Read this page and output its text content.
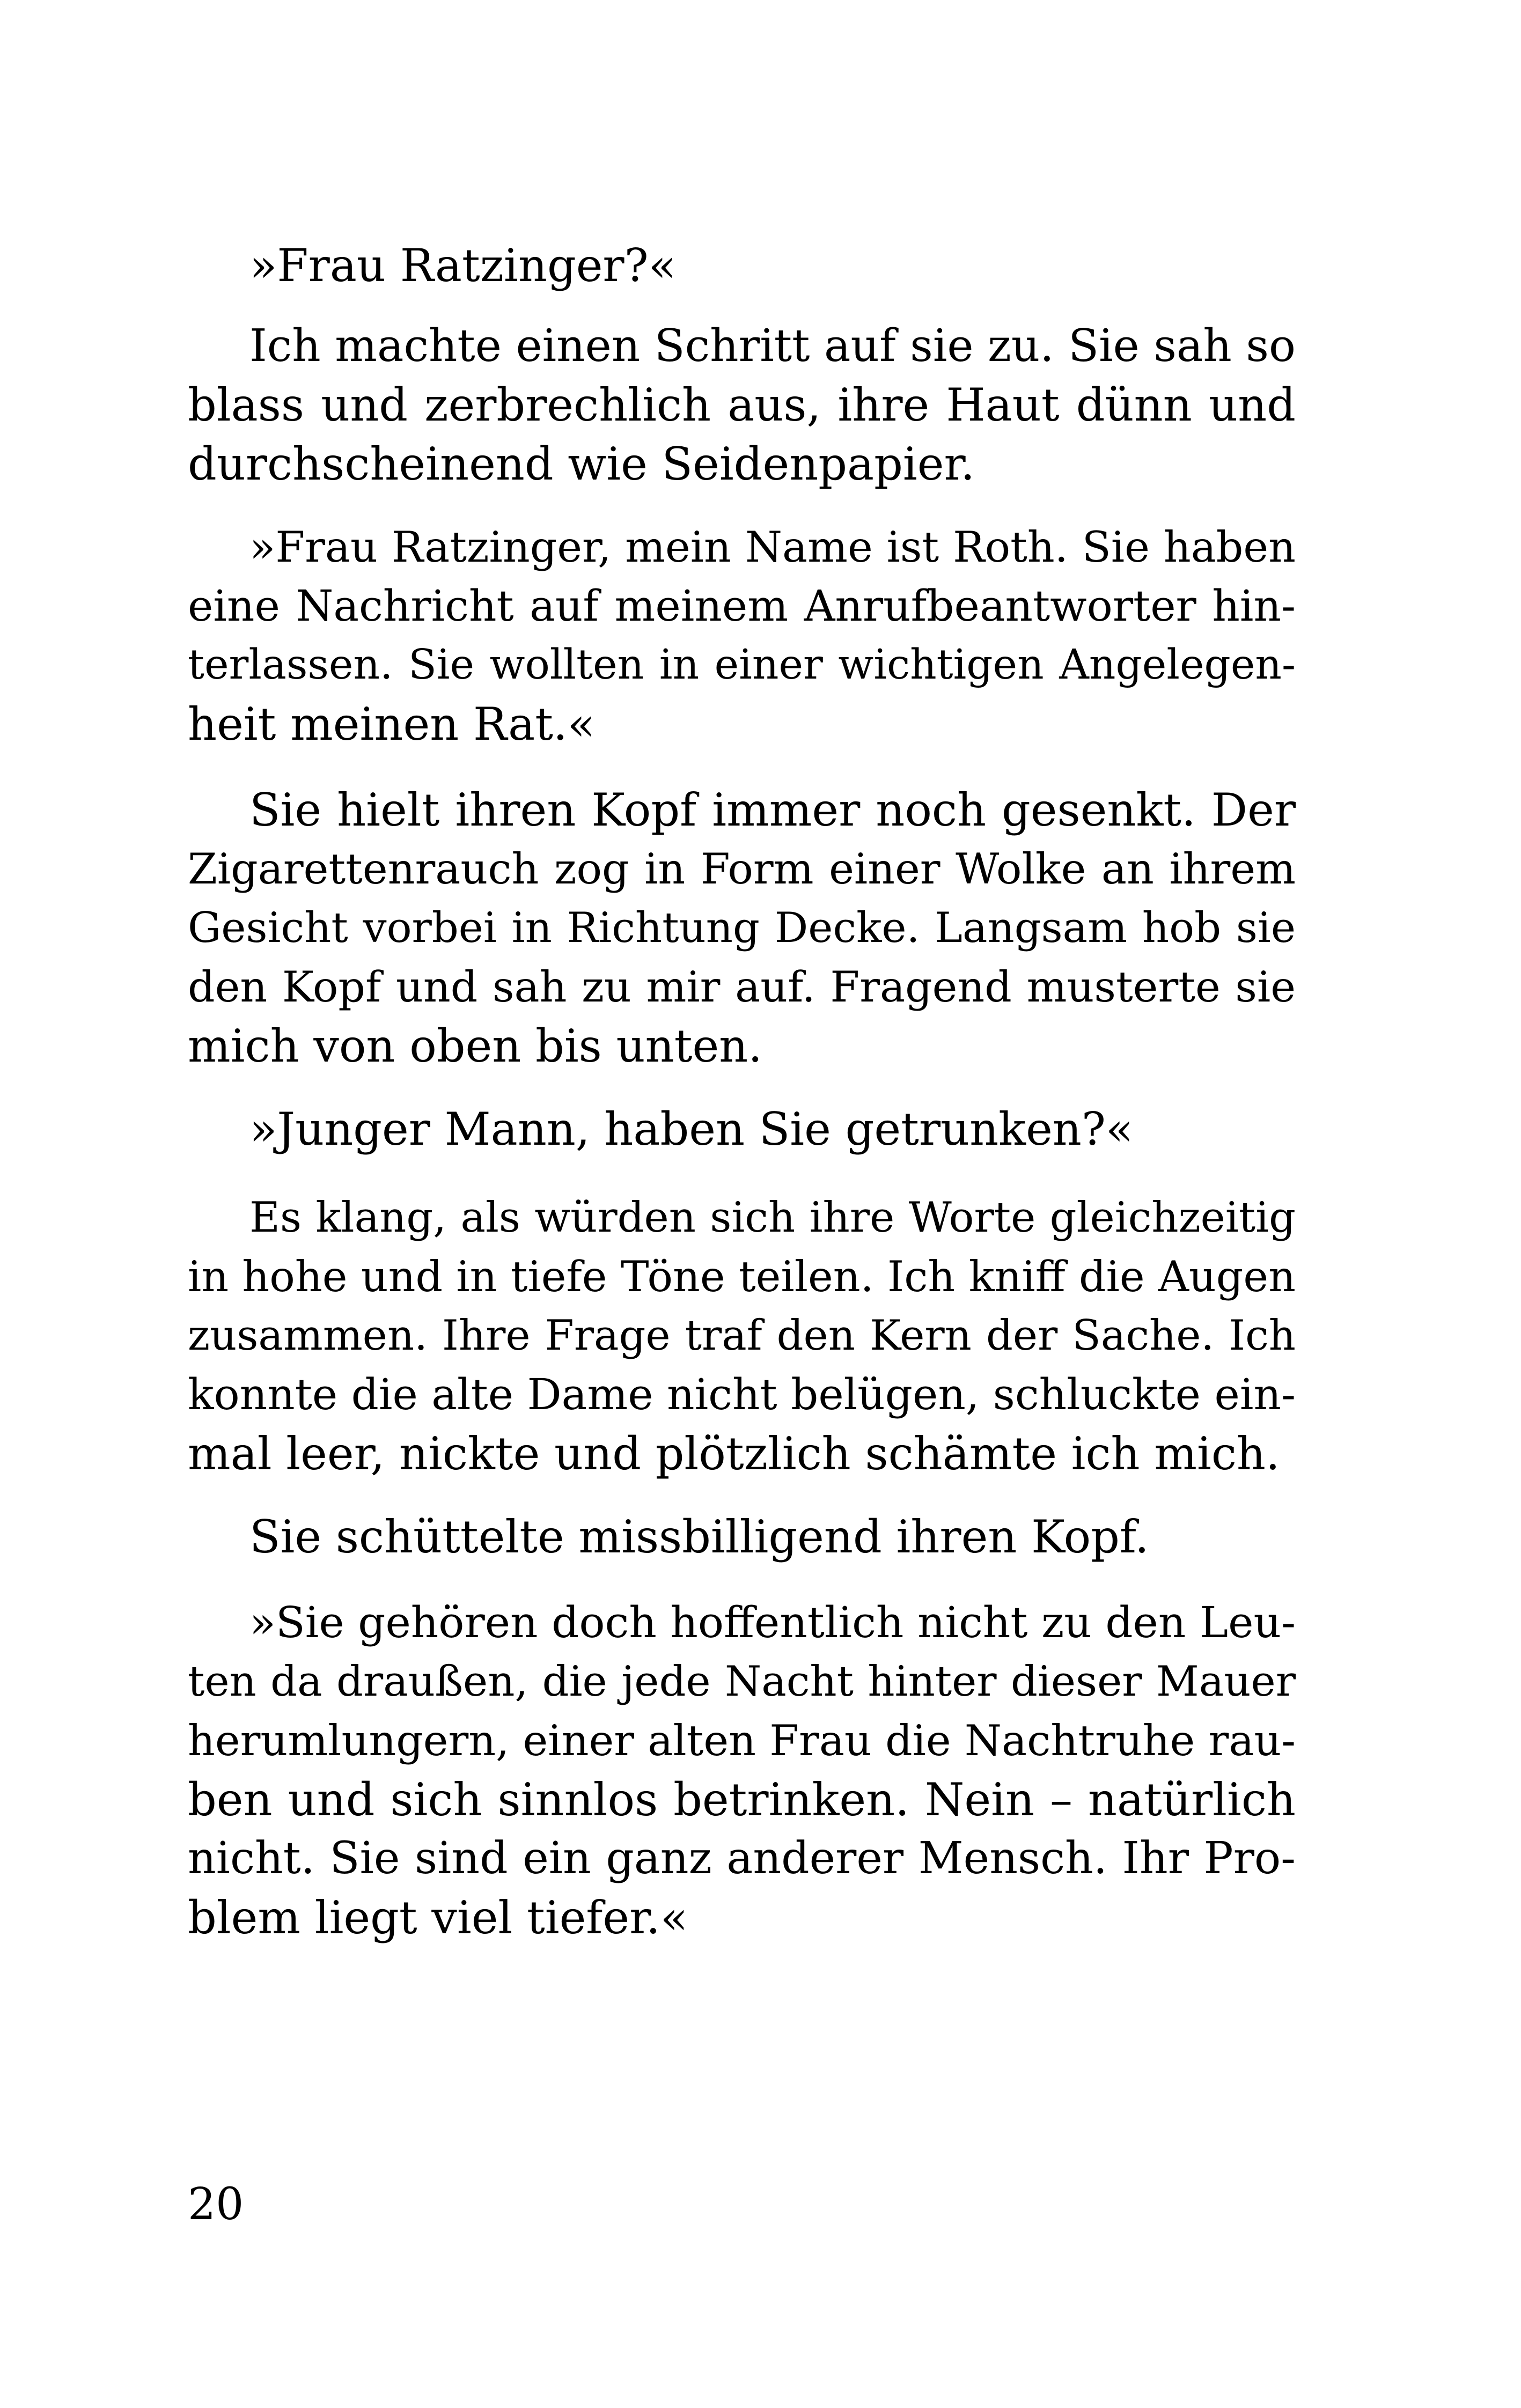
»Frau Ratzinger?«
Ich machte einen Schritt auf sie zu. Sie sah so
blass und zerbrechlich aus, ihre Haut dünn und
durchscheinend wie Seidenpapier.
»Frau Ratzinger, mein Name ist Roth. Sie haben
eine Nachricht auf meinem Anrufbeantworter hin-
terlassen. Sie wollten in einer wichtigen Angelegen-
heit meinen Rat.«
Sie hielt ihren Kopf immer noch gesenkt. Der
Zigarettenrauch zog in Form einer Wolke an ihrem
Gesicht vorbei in Richtung Decke. Langsam hob sie
den Kopf und sah zu mir auf. Fragend musterte sie
mich von oben bis unten.
»Junger Mann, haben Sie getrunken?«
Es klang, als würden sich ihre Worte gleichzeitig
in hohe und in tiefe Töne teilen. Ich kniff die Augen
zusammen. Ihre Frage traf den Kern der Sache. Ich
konnte die alte Dame nicht belügen, schluckte ein-
mal leer, nickte und plötzlich schämte ich mich.
Sie schüttelte missbilligend ihren Kopf.
»Sie gehören doch hoffentlich nicht zu den Leu-
ten da draußen, die jede Nacht hinter dieser Mauer
herumlungern, einer alten Frau die Nachtruhe rau-
ben und sich sinnlos betrinken. Nein – natürlich
nicht. Sie sind ein ganz anderer Mensch. Ihr Pro-
blem liegt viel tiefer.«
20
